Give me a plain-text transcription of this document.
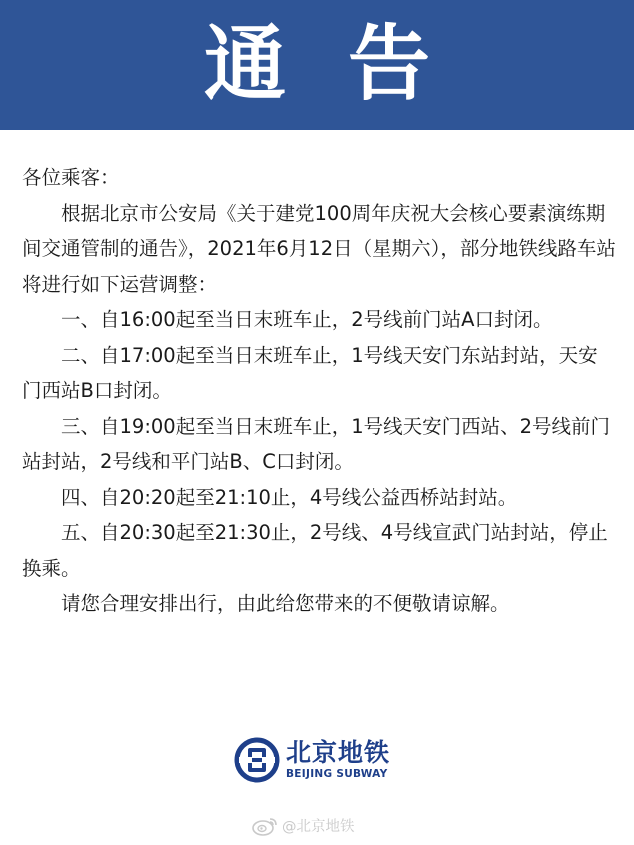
通告

各位乘客：

根据北京市公安局《关于建党100周年庆祝大会核心要素演练期间交通管制的通告》，2021年6月12日（星期六），部分地铁线路车站将进行如下运营调整：

一、自16:00起至当日末班车止，2号线前门站A口封闭。

二、自17:00起至当日末班车止，1号线天安门东站封站，天安门西站B口封闭。

三、自19:00起至当日末班车止，1号线天安门西站、2号线前门站封站，2号线和平门站B、C口封闭。

四、自20:20起至21:10止，4号线公益西桥站封站。

五、自20:30起至21:30止，2号线、4号线宣武门站封站，停止换乘。

请您合理安排出行，由此给您带来的不便敬请谅解。

北京地铁
BEIJING SUBWAY
@北京地铁
